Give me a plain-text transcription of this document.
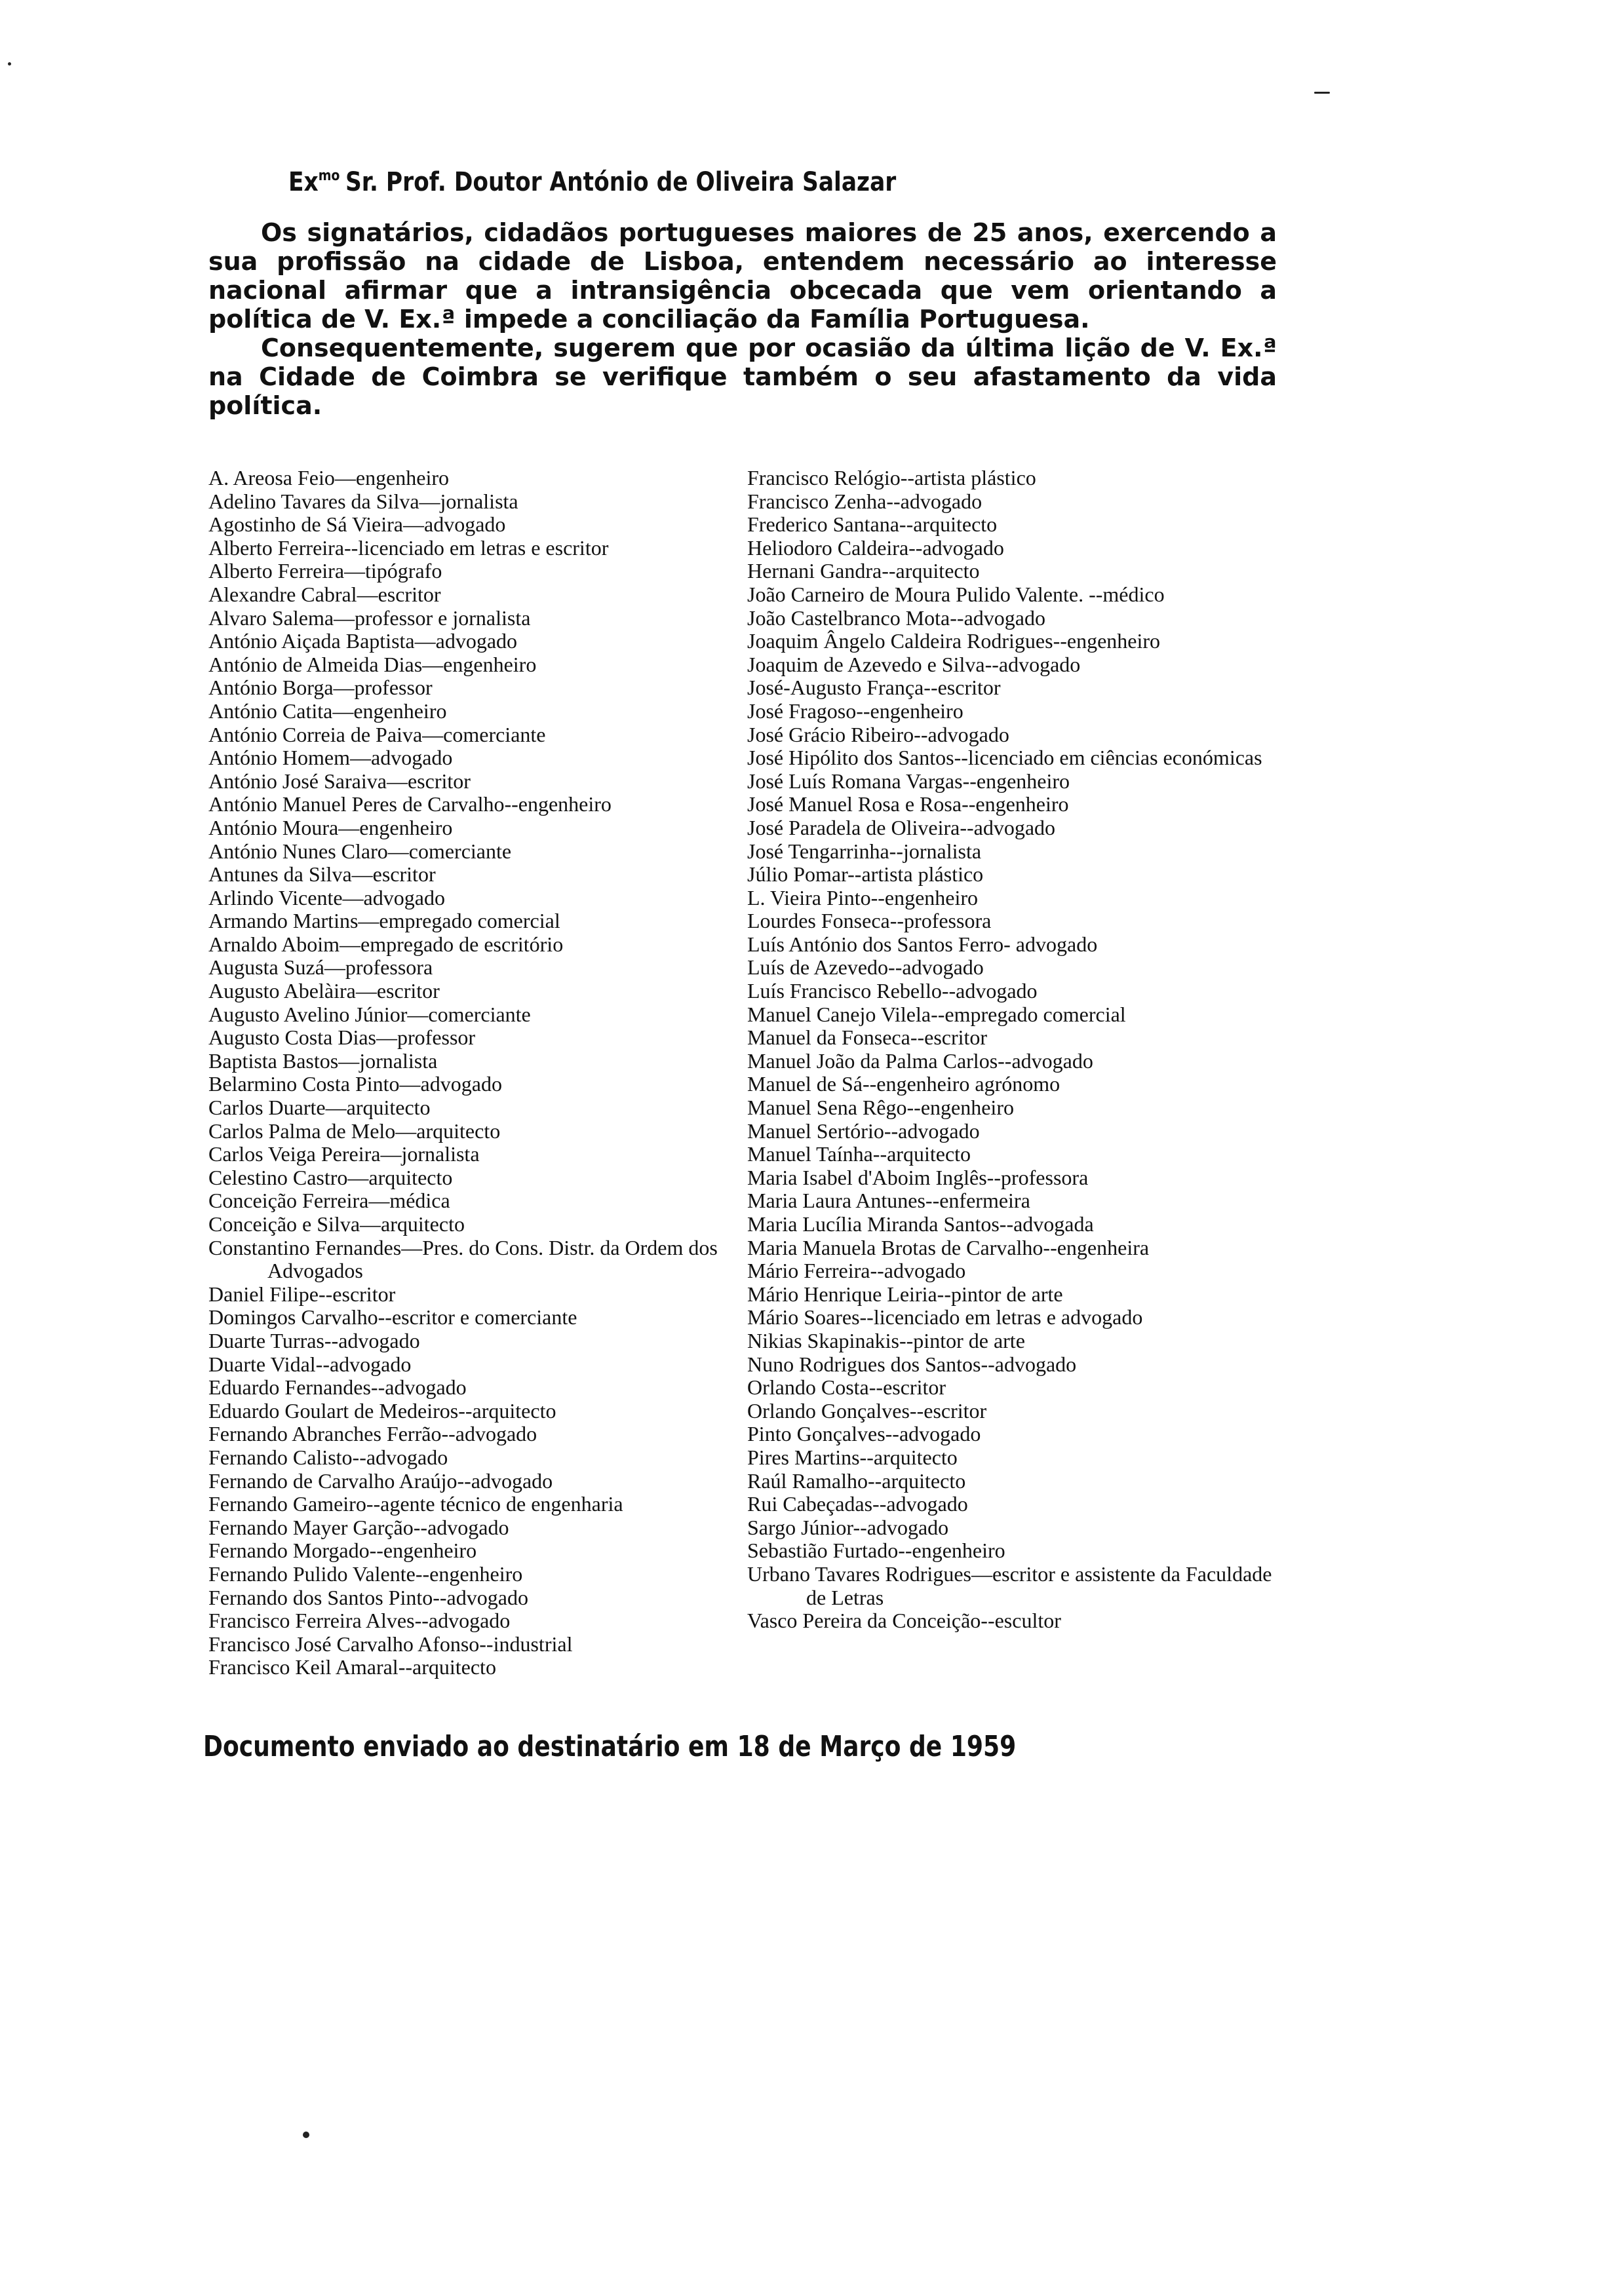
$Ex^{mo}$ Sr. Prof. Doutor António de Oliveira Salazar

Os signatários, cidadãos portugueses maiores de 25 anos, exercendo a sua profissão na cidade de Lisboa, entendem necessário ao interesse nacional afirmar que a intransigência obcecada que vem orientando a política de V. Ex.ª impede a conciliação da Família Portuguesa.

Consequentemente, sugerem que por ocasião da última lição de V. Ex.ª na Cidade de Coimbra se verifique também o seu afastamento da vida política.

A. Areosa Feio—engenheiro
Adelino Tavares da Silva—jornalista
Agostinho de Sá Vieira—advogado
Alberto Ferreira--licenciado em letras e escritor
Alberto Ferreira—tipógrafo
Alexandre Cabral—escritor
Alvaro Salema—professor e jornalista
António Aiçada Baptista—advogado
António de Almeida Dias—engenheiro
António Borga—professor
António Catita—engenheiro
António Correia de Paiva—comerciante
António Homem—advogado
António José Saraiva—escritor
António Manuel Peres de Carvalho--engenheiro
António Moura—engenheiro
António Nunes Claro—comerciante
Antunes da Silva—escritor
Arlindo Vicente—advogado
Armando Martins—empregado comercial
Arnaldo Aboim—empregado de escritório
Augusta Suzá—professora
Augusto Abelàira—escritor
Augusto Avelino Júnior—comerciante
Augusto Costa Dias—professor
Baptista Bastos—jornalista
Belarmino Costa Pinto—advogado
Carlos Duarte—arquitecto
Carlos Palma de Melo—arquitecto
Carlos Veiga Pereira—jornalista
Celestino Castro—arquitecto
Conceição Ferreira—médica
Conceição e Silva—arquitecto
Constantino Fernandes—Pres. do Cons. Distr. da Ordem dos Advogados
Daniel Filipe--escritor
Domingos Carvalho--escritor e comerciante
Duarte Turras--advogado
Duarte Vidal--advogado
Eduardo Fernandes--advogado
Eduardo Goulart de Medeiros--arquitecto
Fernando Abranches Ferrão--advogado
Fernando Calisto--advogado
Fernando de Carvalho Araújo--advogado
Fernando Gameiro--agente técnico de engenharia
Fernando Mayer Garção--advogado
Fernando Morgado--engenheiro
Fernando Pulido Valente--engenheiro
Fernando dos Santos Pinto--advogado
Francisco Ferreira Alves--advogado
Francisco José Carvalho Afonso--industrial
Francisco Keil Amaral--arquitecto
Francisco Relógio--artista plástico
Francisco Zenha--advogado
Frederico Santana--arquitecto
Heliodoro Caldeira--advogado
Hernani Gandra--arquitecto
João Carneiro de Moura Pulido Valente. --médico
João Castelbranco Mota--advogado
Joaquim Ângelo Caldeira Rodrigues--engenheiro
Joaquim de Azevedo e Silva--advogado
José-Augusto França--escritor
José Fragoso--engenheiro
José Grácio Ribeiro--advogado
José Hipólito dos Santos--licenciado em ciências económicas
José Luís Romana Vargas--engenheiro
José Manuel Rosa e Rosa--engenheiro
José Paradela de Oliveira--advogado
José Tengarrinha--jornalista
Júlio Pomar--artista plástico
L. Vieira Pinto--engenheiro
Lourdes Fonseca--professora
Luís António dos Santos Ferro- advogado
Luís de Azevedo--advogado
Luís Francisco Rebello--advogado
Manuel Canejo Vilela--empregado comercial
Manuel da Fonseca--escritor
Manuel João da Palma Carlos--advogado
Manuel de Sá--engenheiro agrónomo
Manuel Sena Rêgo--engenheiro
Manuel Sertório--advogado
Manuel Taínha--arquitecto
Maria Isabel d'Aboim Inglês--professora
Maria Laura Antunes--enfermeira
Maria Lucília Miranda Santos--advogada
Maria Manuela Brotas de Carvalho--engenheira
Mário Ferreira--advogado
Mário Henrique Leiria--pintor de arte
Mário Soares--licenciado em letras e advogado
Nikias Skapinakis--pintor de arte
Nuno Rodrigues dos Santos--advogado
Orlando Costa--escritor
Orlando Gonçalves--escritor
Pinto Gonçalves--advogado
Pires Martins--arquitecto
Raúl Ramalho--arquitecto
Rui Cabeçadas--advogado
Sargo Júnior--advogado
Sebastião Furtado--engenheiro
Urbano Tavares Rodrigues—escritor e assistente da Faculdade de Letras
Vasco Pereira da Conceição--escultor
Documento enviado ao destinatário em 18 de Março de 1959
